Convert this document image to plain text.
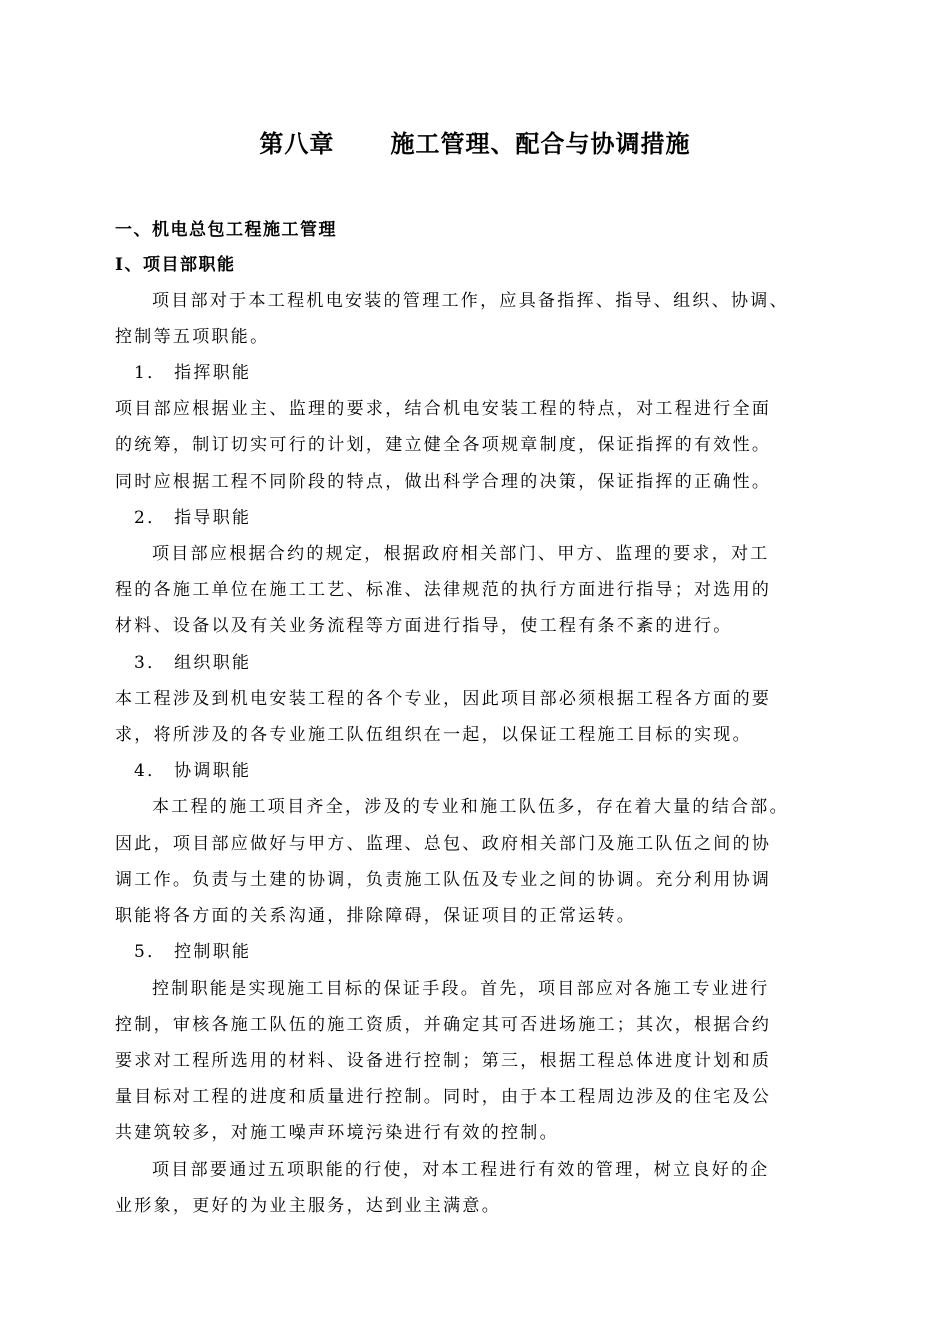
第八章      施工管理、配合与协调措施
一、机电总包工程施工管理
Ⅰ、项目部职能
项目部对于本工程机电安装的管理工作，应具备指挥、指导、组织、协调、
控制等五项职能。
1． 指挥职能
项目部应根据业主、监理的要求，结合机电安装工程的特点，对工程进行全面
的统筹，制订切实可行的计划，建立健全各项规章制度，保证指挥的有效性。
同时应根据工程不同阶段的特点，做出科学合理的决策，保证指挥的正确性。
2． 指导职能
项目部应根据合约的规定，根据政府相关部门、甲方、监理的要求，对工
程的各施工单位在施工工艺、标准、法律规范的执行方面进行指导；对选用的
材料、设备以及有关业务流程等方面进行指导，使工程有条不紊的进行。
3． 组织职能
本工程涉及到机电安装工程的各个专业，因此项目部必须根据工程各方面的要
求，将所涉及的各专业施工队伍组织在一起，以保证工程施工目标的实现。
4． 协调职能
本工程的施工项目齐全，涉及的专业和施工队伍多，存在着大量的结合部。
因此，项目部应做好与甲方、监理、总包、政府相关部门及施工队伍之间的协
调工作。负责与土建的协调，负责施工队伍及专业之间的协调。充分利用协调
职能将各方面的关系沟通，排除障碍，保证项目的正常运转。
5． 控制职能
控制职能是实现施工目标的保证手段。首先，项目部应对各施工专业进行
控制，审核各施工队伍的施工资质，并确定其可否进场施工；其次，根据合约
要求对工程所选用的材料、设备进行控制；第三，根据工程总体进度计划和质
量目标对工程的进度和质量进行控制。同时，由于本工程周边涉及的住宅及公
共建筑较多，对施工噪声环境污染进行有效的控制。
项目部要通过五项职能的行使，对本工程进行有效的管理，树立良好的企
业形象，更好的为业主服务，达到业主满意。
